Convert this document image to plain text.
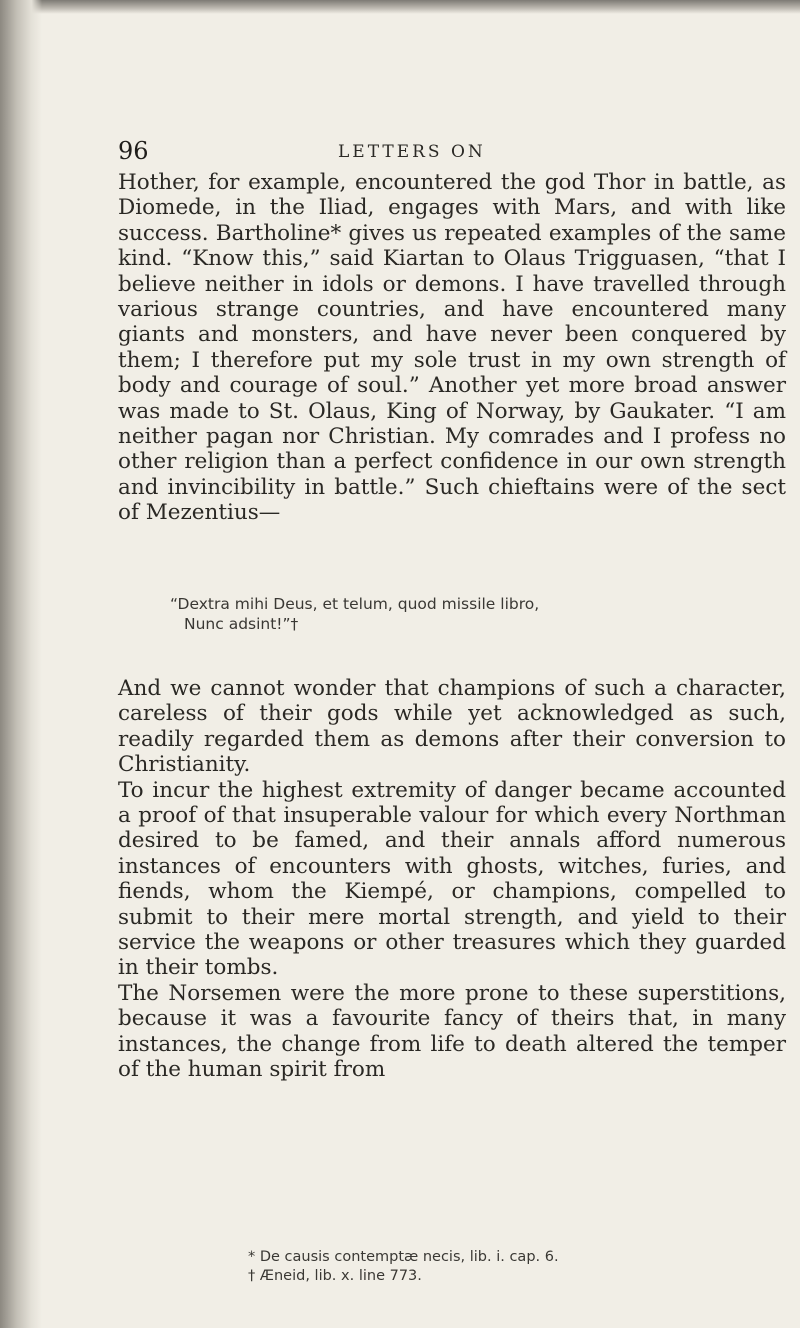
96	LETTERS ON

Hother, for example, encountered the god Thor in battle, as Diomede, in the Iliad, engages with Mars, and with like success. Bartholine* gives us repeated examples of the same kind. “Know this,” said Kiartan to Olaus Trigguasen, “that I believe neither in idols or demons. I have travelled through various strange countries, and have encountered many giants and monsters, and have never been conquered by them; I therefore put my sole trust in my own strength of body and courage of soul.” Another yet more broad answer was made to St. Olaus, King of Norway, by Gaukater. “I am neither pagan nor Christian. My comrades and I profess no other religion than a perfect confidence in our own strength and invincibility in battle.” Such chieftains were of the sect of Mezentius—

“Dextra mihi Deus, et telum, quod missile libro,
Nunc adsint!”†

And we cannot wonder that champions of such a character, careless of their gods while yet acknowledged as such, readily regarded them as demons after their conversion to Christianity.

To incur the highest extremity of danger became accounted a proof of that insuperable valour for which every Northman desired to be famed, and their annals afford numerous instances of encounters with ghosts, witches, furies, and fiends, whom the Kiempé, or champions, compelled to submit to their mere mortal strength, and yield to their service the weapons or other treasures which they guarded in their tombs.

The Norsemen were the more prone to these superstitions, because it was a favourite fancy of theirs that, in many instances, the change from life to death altered the temper of the human spirit from

* De causis contemptæ necis, lib. i. cap. 6.
† Æneid, lib. x. line 773.
